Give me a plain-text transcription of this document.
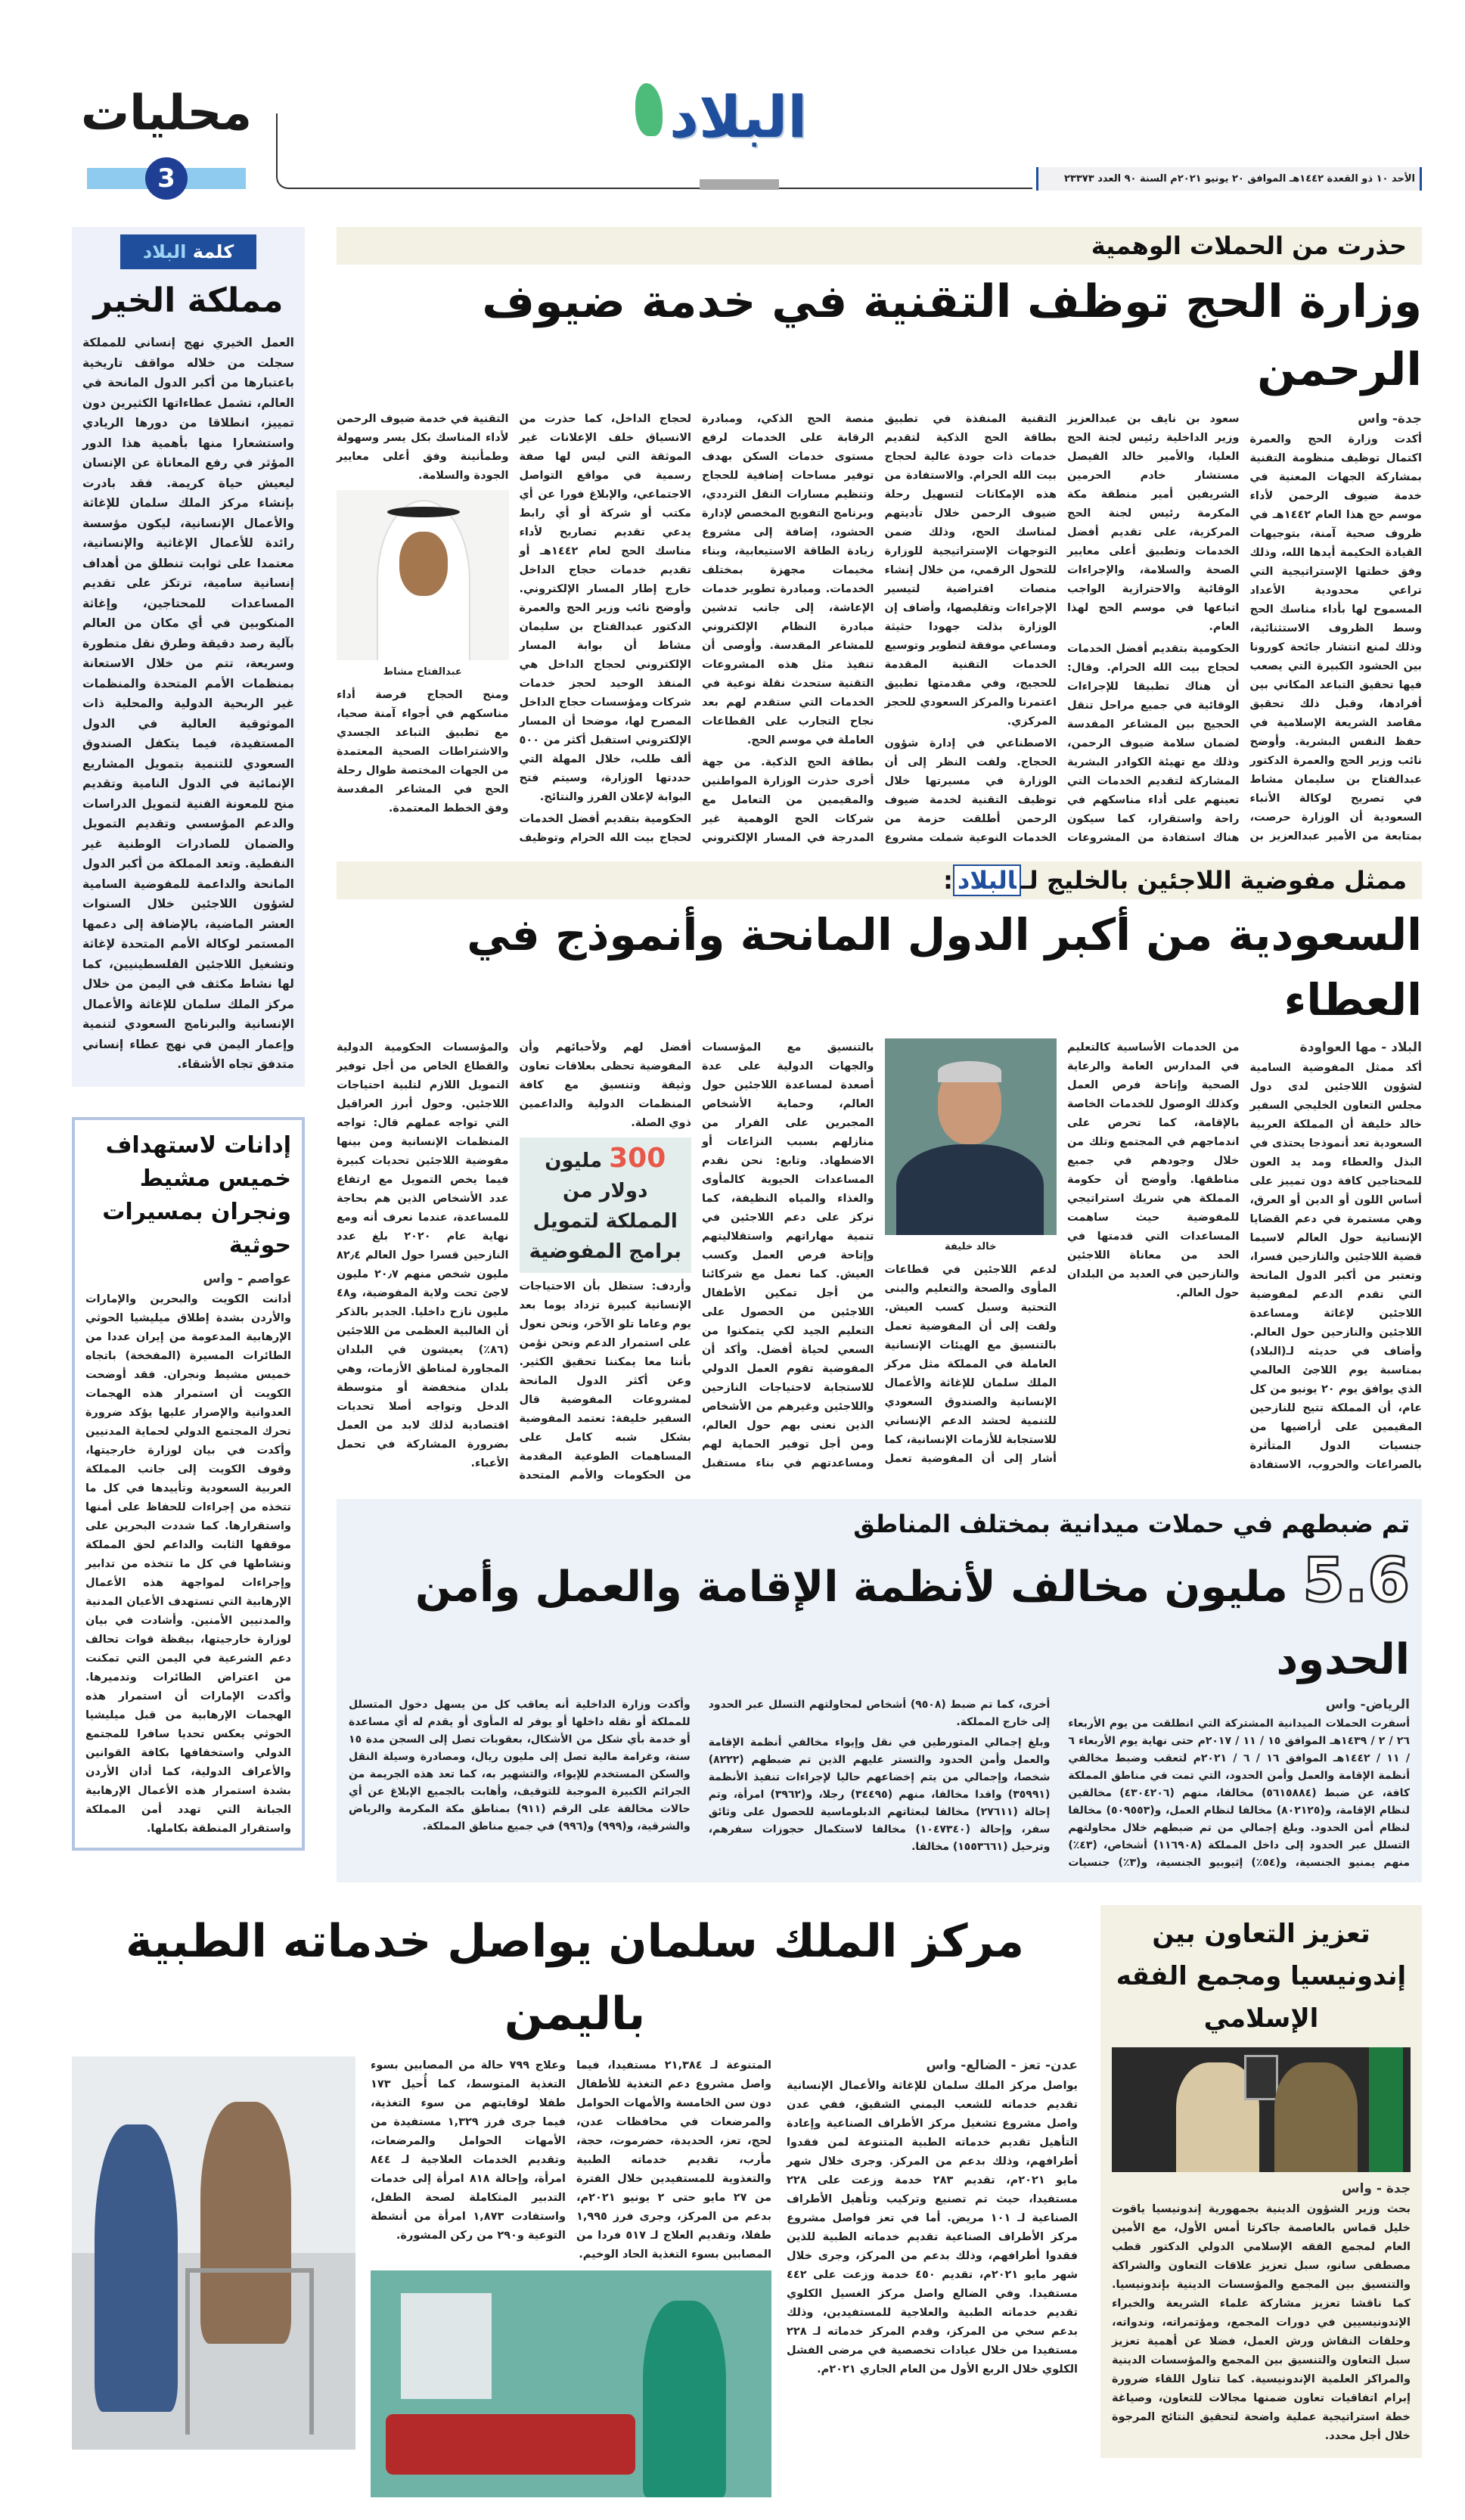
محليات
3
البلاد
الأحد ١٠ ذو القعدة ١٤٤٢هـ الموافق ٢٠ يونيو ٢٠٢١م السنة ٩٠ العدد ٢٣٣٧٣
كلمة البلاد
مملكة الخير
العمل الخيري نهج إنساني للمملكة سجلت من خلاله مواقف تاريخية باعتبارها من أكبر الدول المانحة في العالم، تشمل عطاءاتها الكثيرين دون تمييز، انطلاقا من دورها الريادي واستشعارا منها بأهمية هذا الدور المؤثر في رفع المعاناة عن الإنسان ليعيش حياة كريمة. فقد بادرت بإنشاء مركز الملك سلمان للإغاثة والأعمال الإنسانية، ليكون مؤسسة رائدة للأعمال الإغاثية والإنسانية، معتمدا على ثوابت تنطلق من أهداف إنسانية سامية، ترتكز على تقديم المساعدات للمحتاجين، وإغاثة المنكوبين في أي مكان من العالم بآلية رصد دقيقة وطرق نقل متطورة وسريعة، تتم من خلال الاستعانة بمنظمات الأمم المتحدة والمنظمات غير الربحية الدولية والمحلية ذات الموثوقية العالية في الدول المستفيدة، فيما يتكفل الصندوق السعودي للتنمية بتمويل المشاريع الإنمائية في الدول النامية وتقديم منح للمعونة الفنية لتمويل الدراسات والدعم المؤسسي وتقديم التمويل والضمان للصادرات الوطنية غير النفطية. وتعد المملكة من أكبر الدول المانحة والداعمة للمفوضية السامية لشؤون اللاجئين خلال السنوات العشر الماضية، بالإضافة إلى دعمها المستمر لوكالة الأمم المتحدة لإغاثة وتشغيل اللاجئين الفلسطينيين، كما لها نشاط مكثف في اليمن من خلال مركز الملك سلمان للإغاثة والأعمال الإنسانية والبرنامج السعودي لتنمية وإعمار اليمن في نهج عطاء إنساني متدفق تجاه الأشقاء.
إدانات لاستهداف خميس مشيط ونجران بمسيرات حوثية
عواصم - واس
أدانت الكويت والبحرين والإمارات والأردن بشدة إطلاق ميليشيا الحوثي الإرهابية المدعومة من إيران عددا من الطائرات المسيرة (المفخخة) باتجاه خميس مشيط ونجران. فقد أوضحت الكويت أن استمرار هذه الهجمات العدوانية والإصرار عليها يؤكد ضرورة تحرك المجتمع الدولي لحماية المدنيين وأكدت في بيان لوزارة خارجيتها، وقوف الكويت إلى جانب المملكة العربية السعودية وتأييدها في كل ما تتخذه من إجراءات للحفاظ على أمنها واستقرارها. كما شددت البحرين على موقفها الثابت والداعم لحق المملكة ونشاطها في كل ما تتخذه من تدابير وإجراءات لمواجهة هذه الأعمال الإرهابية التي تستهدف الأعيان المدنية والمدنيين الأمنين. وأشادت في بيان لوزارة خارجيتها، بيقظة قوات تحالف دعم الشرعية في اليمن التي تمكنت من اعتراض الطائرات وتدميرها. وأكدت الإمارات أن استمرار هذه الهجمات الإرهابية من قبل ميليشيا الحوثي يعكس تحديا سافرا للمجتمع الدولي واستخفافها بكافة القوانين والأعراف الدولية، كما أدان الأردن بشدة استمرار هذه الأعمال الإرهابية الجبانة التي تهدد أمن المملكة واستقرار المنطقة بكاملها.
حذرت من الحملات الوهمية
وزارة الحج توظف التقنية في خدمة ضيوف الرحمن

جدة- واس
أكدت وزارة الحج والعمرة اكتمال توظيف منظومة التقنية بمشاركة الجهات المعنية في خدمة ضيوف الرحمن لأداء موسم حج هذا العام ١٤٤٢هـ في ظروف صحية آمنة، بتوجيهات القيادة الحكيمة أيدها الله، وذلك وفق خطتها الإستراتيجية التي تراعي محدودية الأعداد المسموح لها بأداء مناسك الحج وسط الظروف الاستثنائية، وذلك لمنع انتشار جائحة كورونا بين الحشود الكبيرة التي يصعب فيها تحقيق التباعد المكاني بين أفرادها، وقبل ذلك تحقيق مقاصد الشريعة الإسلامية في حفظ النفس البشرية. وأوضح نائب وزير الحج والعمرة الدكتور عبدالفتاح بن سليمان مشاط في تصريح لوكالة الأنباء السعودية أن الوزارة حرصت، بمتابعة من الأمير عبدالعزيز بن سعود بن نايف بن عبدالعزيز وزير الداخلية رئيس لجنة الحج العليا، والأمير خالد الفيصل مستشار خادم الحرمين الشريفين أمير منطقة مكة المكرمة رئيس لجنة الحج المركزية، على تقديم أفضل الخدمات وتطبيق أعلى معايير الصحة والسلامة، والإجراءات الوقائية والاحترازية الواجب اتباعها في موسم الحج لهذا العام.

الحكومية بتقديم أفضل الخدمات لحجاج بيت الله الحرام. وقال: أن هناك تطبيقا للإجراءات الوقائية في جميع مراحل تنقل الحجيج بين المشاعر المقدسة لضمان سلامة ضيوف الرحمن، وذلك مع تهيئة الكوادر البشرية المشاركة لتقديم الخدمات التي تعينهم على أداء مناسكهم في راحة واستقرار، كما سيكون هناك استفادة من المشروعات التقنية المنفذة في تطبيق بطاقة الحج الذكية لتقديم خدمات ذات جودة عالية لحجاج بيت الله الحرام. والاستفادة من هذه الإمكانات لتسهيل رحلة ضيوف الرحمن خلال تأديتهم لمناسك الحج، وذلك ضمن التوجهات الإستراتيجية للوزارة للتحول الرقمي، من خلال إنشاء منصات افتراضية لتيسير الإجراءات وتقليصها، وأضاف إن الوزارة بذلت جهودا حثيثة ومساعي موفقة لتطوير وتوسيع الخدمات التقنية المقدمة للحجيج، وفي مقدمتها تطبيق اعتمرنا والمركز السعودي للحجز المركزي.

الاصطناعي في إدارة شؤون الحجاج. ولفت النظر إلى أن الوزارة في مسيرتها خلال توظيف التقنية لخدمة ضيوف الرحمن أطلقت حزمة من الخدمات النوعية شملت مشروع منصة الحج الذكي، ومبادرة الرقابة على الخدمات لرفع مستوى خدمات السكن بهدف توفير مساحات إضافية للحجاج وتنظيم مسارات النقل الترددي، وبرنامج التفويج المخصص لإدارة الحشود، إضافة إلى مشروع زيادة الطاقة الاستيعابية، وبناء مخيمات مجهزة بمختلف الخدمات. ومبادرة تطوير خدمات الإعاشة، إلى جانب تدشين مبادرة النظام الإلكتروني للمشاعر المقدسة. وأوصى أن تنفيذ مثل هذه المشروعات التقنية ستحدث نقلة نوعية في الخدمات التي ستقدم لهم بعد نجاح التجارب على القطاعات العاملة في موسم الحج.

بطاقة الحج الذكية. من جهة أخرى حذرت الوزارة المواطنين والمقيمين من التعامل مع شركات الحج الوهمية غير المدرجة في المسار الإلكتروني لحجاج الداخل، كما حذرت من الانسياق خلف الإعلانات غير الموثقة التي ليس لها صفة رسمية في مواقع التواصل الاجتماعي، والإبلاغ فورا عن أي مكتب أو شركة أو أي رابط يدعي تقديم تصاريح لأداء مناسك الحج لعام ١٤٤٢هـ أو تقديم خدمات حجاج الداخل خارج إطار المسار الإلكتروني. وأوضح نائب وزير الحج والعمرة الدكتور عبدالفتاح بن سليمان مشاط أن بوابة المسار الإلكتروني لحجاج الداخل هي المنفذ الوحيد لحجز خدمات شركات ومؤسسات حجاج الداخل المصرح لها، موضحا أن المسار الإلكتروني استقبل أكثر من ٥٠٠ ألف طلب، خلال المهلة التي حددتها الوزارة، وسيتم فتح البوابة لإعلان الفرز والنتائج.

الحكومية بتقديم أفضل الخدمات لحجاج بيت الله الحرام وتوظيف التقنية في خدمة ضيوف الرحمن لأداء المناسك بكل يسر وسهولة وطمأنينة وفق أعلى معايير الجودة والسلامة.

عبدالفتاح مشاط

ومنح الحجاج فرصة أداء مناسكهم في أجواء آمنة صحيا، مع تطبيق التباعد الجسدي والاشتراطات الصحية المعتمدة من الجهات المختصة طوال رحلة الحج في المشاعر المقدسة وفق الخطط المعتمدة.

ممثل مفوضية اللاجئين بالخليج لـالبلاد:
السعودية من أكبر الدول المانحة وأنموذج في العطاء

البلاد - مها العواودة
أكد ممثل المفوضية السامية لشؤون اللاجئين لدى دول مجلس التعاون الخليجي السفير خالد خليفة أن المملكة العربية السعودية تعد أنموذجا يحتذى في البذل والعطاء ومد يد العون للمحتاجين كافة دون تمييز على أساس اللون أو الدين أو العرق، وهي مستمرة في دعم القضايا الإنسانية حول العالم لاسيما قضية اللاجئين والنازحين فسرا، وتعتبر من أكبر الدول المانحة التي تقدم الدعم لمفوضية اللاجئين لإغاثة ومساعدة اللاجئين والنازحين حول العالم. وأضاف في حديثه لـ(البلاد) بمناسبة يوم اللاجئ العالمي الذي يوافق يوم ٢٠ يونيو من كل عام، أن المملكة تتيح للنازحين المقيمين على أراضيها من جنسيات الدول المتأثرة بالصراعات والحروب، الاستفادة من الخدمات الأساسية كالتعليم في المدارس العامة والرعاية الصحية وإتاحة فرص العمل وكذلك الوصول للخدمات الخاصة بالإقامة، كما تحرص على اندماجهم في المجتمع وتلك من خلال وجودهم في جميع مناطقها. وأوضح أن حكومة المملكة هي شريك استراتيجي للمفوضية حيث ساهمت المساعدات التي قدمتها في الحد من معاناة اللاجئين والنازحين في العديد من البلدان حول العالم.

خالد خليفة

لدعم اللاجئين في قطاعات المأوى والصحة والتعليم والبنى التحتية وسبل كسب العيش. ولفت إلى أن المفوضية تعمل بالتنسيق مع الهيئات الإنسانية العاملة في المملكة مثل مركز الملك سلمان للإغاثة والأعمال الإنسانية والصندوق السعودي للتنمية لحشد الدعم الإنساني للاستجابة للأزمات الإنسانية، كما أشار إلى أن المفوضية تعمل بالتنسيق مع المؤسسات والجهات الدولية على عدة أصعدة لمساعدة اللاجئين حول العالم، وحماية الأشخاص المجبرين على الفرار من منازلهم بسبب النزاعات أو الاضطهاد. وتابع: نحن نقدم المساعدات الحيوية كالمأوى والغذاء والمياه النظيفة، كما نركز على دعم اللاجئين في تنمية مهاراتهم واستقلاليتهم وإتاحة فرص العمل وكسب العيش. كما نعمل مع شركائنا من أجل تمكين الأطفال اللاجئين من الحصول على التعليم الجيد لكي يتمكنوا من السعي لحياة أفضل. وأكد أن المفوضية تقوم العمل الدولي للاستجابة لاحتياجات النازحين واللاجئين وغيرهم من الأشخاص الذين نعنى بهم حول العالم، ومن أجل توفير الحماية لهم ومساعدتهم في بناء مستقبل أفضل لهم ولأحبائهم وأن المفوضية تحظى بعلاقات تعاون وثيقة وتنسيق مع كافة المنظمات الدولية والداعمين ذوي الصلة.

300 مليون دولار من المملكة لتمويل برامج المفوضية

وأردف: ستظل بأن الاحتياجات الإنسانية كبيرة تزداد يوما بعد يوم وعاما تلو الآخر، ونحن نعول على استمرار الدعم ونحن نؤمن بأننا معا يمكننا تحقيق الكثير. وعن أكثر الدول المانحة لمشروعات المفوضية قال السفير خليفة: تعتمد المفوضية بشكل شبه كامل على المساهمات الطوعية المقدمة من الحكومات والأمم المتحدة والمؤسسات الحكومية الدولية والقطاع الخاص من أجل توفير التمويل اللازم لتلبية احتياجات اللاجئين. وحول أبرز العراقيل التي تواجه عملهم قال: تواجه المنظمات الإنسانية ومن بينها مفوضية اللاجئين تحديات كبيرة فيما يخص التمويل مع ارتفاع عدد الأشخاص الذين هم بحاجة للمساعدة، عندما نعرف أنه ومع نهاية عام ٢٠٢٠ بلغ عدد النازحين قسرا حول العالم ٨٢٫٤ مليون شخص منهم ٢٠٫٧ مليون لاجئ تحت ولاية المفوضية، و٤٨ مليون نازح داخليا. الجدير بالذكر أن الغالبية العظمى من اللاجئين (٨٦٪) يعيشون في البلدان المجاورة لمناطق الأزمات، وهي بلدان منخفضة أو متوسطة الدخل وتواجه أصلا تحديات اقتصادية لذلك لابد من العمل بضرورة المشاركة في تحمل الأعباء.

تم ضبطهم في حملات ميدانية بمختلف المناطق
5.6 مليون مخالف لأنظمة الإقامة والعمل وأمن الحدود

الرياض- واس
أسفرت الحملات الميدانية المشتركة التي انطلقت من يوم الأربعاء ٢٦ / ٢ / ١٤٣٩هـ الموافق ١٥ / ١١ / ٢٠١٧م حتى نهاية يوم الأربعاء ٦ / ١١ / ١٤٤٢هـ الموافق ١٦ / ٦ / ٢٠٢١م لتعقب وضبط مخالفي أنظمة الإقامة والعمل وأمن الحدود، التي تمت في مناطق المملكة كافة، عن ضبط (٥٦١٥٨٨٤) مخالفا، منهم (٤٣٠٤٢٠٦) مخالفين لنظام الإقامة، و(٨٠٢١٢٥) مخالفا لنظام العمل، و(٥٠٩٥٥٣) مخالفا لنظام أمن الحدود. وبلغ إجمالي من تم ضبطهم خلال محاولتهم التسلل عبر الحدود إلى داخل المملكة (١١٦٩٠٨) أشخاص، (٤٣٪) منهم يمنيو الجنسية، و(٥٤٪) إثيوبيو الجنسية، و(٣٪) جنسيات أخرى، كما تم ضبط (٩٥٠٨) أشخاص لمحاولتهم التسلل عبر الحدود إلى خارج المملكة.

وبلغ إجمالي المتورطين في نقل وإيواء مخالفي أنظمة الإقامة والعمل وأمن الحدود والتستر عليهم الذين تم ضبطهم (٨٢٢٢) شخصا، وإجمالي من يتم إخضاعهم حاليا لإجراءات تنفيذ الأنظمة (٣٥٩٩١) وافدا مخالفا، منهم (٣٤٤٩٥) رجلا، و(٣٩٦٢) امرأة، وتم إحالة (٢٧٦١١) مخالفا لبعثاتهم الدبلوماسية للحصول على وثائق سفر، وإحالة (١٠٤٧٣٤٠) مخالفا لاستكمال حجوزات سفرهم، وترحيل (١٥٥٣٦٦١) مخالفا.

وأكدت وزارة الداخلية أنه يعاقب كل من يسهل دخول المتسلل للمملكة أو نقله داخلها أو يوفر له المأوى أو يقدم له أي مساعدة أو خدمة بأي شكل من الأشكال، بعقوبات تصل إلى السجن مدة ١٥ سنة، وغرامة مالية تصل إلى مليون ريال، ومصادرة وسيلة النقل والسكن المستخدم للإيواء، والتشهير به، كما تعد هذه الجريمة من الجرائم الكبيرة الموجبة للتوقيف، وأهابت بالجميع الإبلاغ عن أي حالات مخالفة على الرقم (٩١١) بمناطق مكة المكرمة والرياض والشرقية، و(٩٩٩) و(٩٩٦) في جميع مناطق المملكة.

مركز الملك سلمان يواصل خدماته الطبية باليمن

المتنوعة لـ ٢١,٣٨٤ مستفيدا، فيما واصل مشروع دعم التغذية للأطفال دون سن الخامسة والأمهات الحوامل والمرضعات في محافظات عدن، لحج، تعز، الحديدة، حضرموت، حجة، مأرب، تقديم خدماته الطبية والتغذوية للمستفيدين خلال الفترة من ٢٧ مايو حتى ٢ يونيو ٢٠٢١م، بدعم من المركز، وجرى فرز ١,٩٩٥ طفلا، وتقديم العلاج لـ ٥١٧ فردا من المصابين بسوء التغذية الحاد الوخيم.

وعلاج ٧٩٩ حالة من المصابين بسوء التغذية المتوسط، كما أُحيل ١٧٣ طفلا لوقايتهم من سوء التغذية، فيما جرى فرز ١,٣٢٩ مستفيدة من الأمهات الحوامل والمرضعات، وتقديم الخدمات العلاجية لـ ٨٤٤ امرأة، وإحالة ٨١٨ امرأة إلى خدمات التدبير المتكاملة لصحة الطفل، واستفادت ١,٨٧٣ امرأة من أنشطة التوعية و٢٩٠ من ركن المشورة.

عدن- تعز - الضالع- واس
يواصل مركز الملك سلمان للإغاثة والأعمال الإنسانية تقديم خدماته للشعب اليمني الشقيق، ففي عدن واصل مشروع تشغيل مركز الأطراف الصناعية وإعادة التأهيل تقديم خدماته الطبية المتنوعة لمن فقدوا أطرافهم، وذلك بدعم من المركز. وجرى خلال شهر مايو ٢٠٢١م، تقديم ٢٨٣ خدمة وزعت على ٢٢٨ مستفيدا، حيث تم تصنيع وتركيب وتأهيل الأطراف الصناعية لـ ١٠١ مريض. أما في تعز فواصل مشروع مركز الأطراف الصناعية تقديم خدماته الطبية للذين فقدوا أطرافهم، وذلك بدعم من المركز، وجرى خلال شهر مايو ٢٠٢١م، تقديم ٤٥٠ خدمة وزعت على ٤٤٢ مستفيدا. وفي الضالع واصل مركز الغسيل الكلوي تقديم خدماته الطبية والعلاجية للمستفيدين، وذلك بدعم سخي من المركز، وقدم المركز خدماته لـ ٢٢٨ مستفيدا من خلال عيادات تخصصية في مرضى الفشل الكلوي خلال الربع الأول من العام الجاري ٢٠٢١م.
تعزيز التعاون بين إندونيسيا ومجمع الفقه الإسلامي
جدة - واس
بحث وزير الشؤون الدينية بجمهورية إندونيسيا ياقوت خليل قماس بالعاصمة جاكرتا أمس الأول، مع الأمين العام لمجمع الفقه الإسلامي الدولي الدكتور قطب مصطفى سانو، سبل تعزيز علاقات التعاون والشراكة والتنسيق بين المجمع والمؤسسات الدينية بإندونيسيا. كما ناقشا تعزيز مشاركة علماء الشريعة والخبراء الإندونيسيين في دورات المجمع، ومؤتمراته، وندواته، وحلقات النقاش ورش العمل، فضلا عن أهمية تعزيز سبل التعاون والتنسيق بين المجمع والمؤسسات الدينية والمراكز العلمية الإندونيسية. كما تناول اللقاء ضرورة إبرام اتفاقيات تعاون ضمنها مجالات للتعاون، وصياغة خطة استراتيجية عملية واضحة لتحقيق النتائج المرجوة خلال أجل محدد.
